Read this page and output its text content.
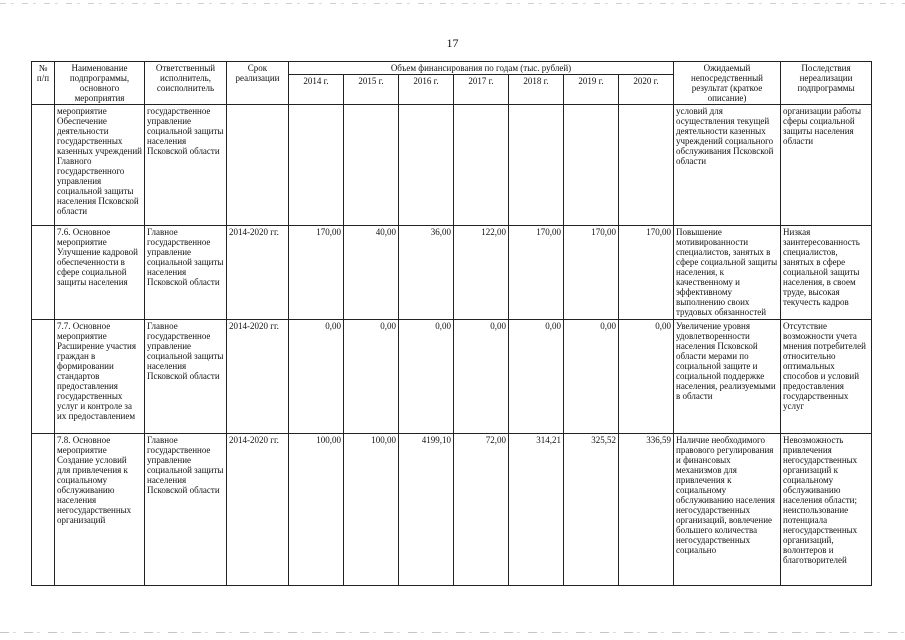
17
№ п/п	Наименование подпрограммы, основного мероприятия	Ответственный исполнитель, соисполнитель	Срок реализации	Объем финансирования по годам (тыс. рублей)							Ожидаемый непосредственный результат (краткое описание)	Последствия нереализации подпрограммы
				2014 г.	2015 г.	2016 г.	2017 г.	2018 г.	2019 г.	2020 г.		
	мероприятие Обеспечение деятельности государственных казенных учреждений Главного государственного управления социальной защиты населения Псковской области	государственное управление социальной защиты населения Псковской области									условий для осуществления текущей деятельности казенных учреждений социального обслуживания Псковской области	организации работы сферы социальной защиты населения области
	7.6. Основное мероприятие Улучшение кадровой обеспеченности в сфере социальной защиты населения	Главное государственное управление социальной защиты населения Псковской области	2014-2020 гг.	170,00	40,00	36,00	122,00	170,00	170,00	170,00	Повышение мотивированности специалистов, занятых в сфере социальной защиты населения, к качественному и эффективному выполнению своих трудовых обязанностей	Низкая заинтересованность специалистов, занятых в сфере социальной защиты населения, в своем труде, высокая текучесть кадров
	7.7. Основное мероприятие Расширение участия граждан в формировании стандартов предоставления государственных услуг и контроле за их предоставлением	Главное государственное управление социальной защиты населения Псковской области	2014-2020 гг.	0,00	0,00	0,00	0,00	0,00	0,00	0,00	Увеличение уровня удовлетворенности населения Псковской области мерами по социальной защите и социальной поддержке населения, реализуемыми в области	Отсутствие возможности учета мнения потребителей относительно оптимальных способов и условий предоставления государственных услуг
	7.8. Основное мероприятие Создание условий для привлечения к социальному обслуживанию населения негосударственных организаций	Главное государственное управление социальной защиты населения Псковской области	2014-2020 гг.	100,00	100,00	4199,10	72,00	314,21	325,52	336,59	Наличие необходимого правового регулирования и финансовых механизмов для привлечения к социальному обслуживанию населения негосударственных организаций, вовлечение большего количества негосударственных социально	Невозможность привлечения негосударственных организаций к социальному обслуживанию населения области; неиспользование потенциала негосударственных организаций, волонтеров и благотворителей
